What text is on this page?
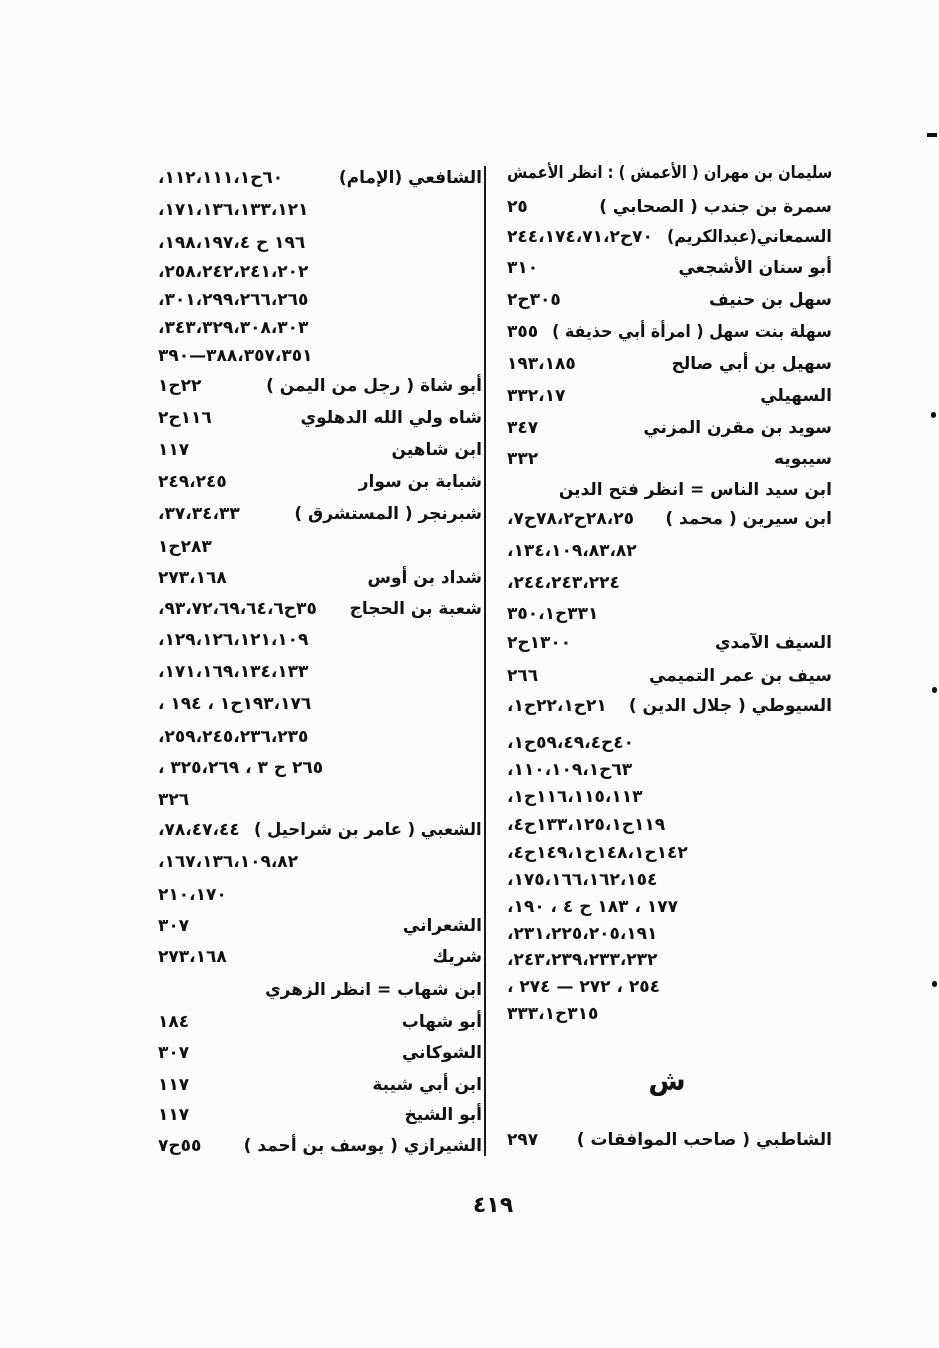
سليمان بن مهران ( الأعمش ) : انظر الأعمش
سمرة بن جندب ( الصحابي )
٢٥
السمعاني(عبدالكريم)
٧٠ح٢،٧١،١٧٤،٢٤٤
أبو سنان الأشجعي
٣١٠
سهل بن حنيف
٣٠٥ح٢
سهلة بنت سهل ( امرأة أبي حذيفة )
٣٥٥
سهيل بن أبي صالح
١٨٥،١٩٣
السهيلي
١٧،٣٣٢
سويد بن مقرن المزني
٣٤٧
سيبويه
٣٣٢
ابن سيد الناس = انظر فتح الدين
ابن سيرين ( محمد )
٢٥،٢٨ح٢،٧٨ح٧،
٨٢،٨٣،١٠٩،١٣٤،
٢٢٤،٢٤٣،٢٤٤،
٣٣١ح١،٣٥٠
السيف الآمدي
١٣٠٠ح٢
سيف بن عمر التميمي
٢٦٦
السيوطي ( جلال الدين )
٢١ح١،٢٢ح١،
٤٠ح٤،٤٩،٥٩ح١،
٦٣ح١،١٠٩،١١٠،
١١٣،١١٥،١١٦ح١،
١١٩ح١،١٢٥،١٣٣ح٤،
١٤٢ح١،١٤٨ح١،١٤٩ح٤،
١٥٤،١٦٢،١٦٦،١٧٥،
١٧٧ ، ١٨٣ ح ٤ ، ١٩٠،
١٩١،٢٠٥،٢٢٥،٢٣١،
٢٣٢،٢٣٣،٢٣٩،٢٤٣،
٢٥٤ ، ٢٧٢ — ٢٧٤ ،
٣١٥ح١،٣٣٣
الشاطبي ( صاحب الموافقات )
٢٩٧
الشافعي (الإمام)
٦٠ح١،١١١،١١٢،
١٢١،١٣٣،١٣٦،١٧١،
١٩٦ ح ٤،١٩٧،١٩٨،
٢٠٢،٢٤١،٢٤٢،٢٥٨،
٢٦٥،٢٦٦،٢٩٩،٣٠١،
٣٠٣،٣٠٨،٣٢٩،٣٤٣،
٣٥١،٣٥٧،٣٨٨—٣٩٠
أبو شاة ( رجل من اليمن )
٢٢ح١
شاه ولي الله الدهلوي
١١٦ح٢
ابن شاهين
١١٧
شبابة بن سوار
٢٤٥،٢٤٩
شبرنجر ( المستشرق )
٣٣،٣٤،٣٧،
٢٨٣ح١
شداد بن أوس
١٦٨،٢٧٣
شعبة بن الحجاج
٣٥ح٦،٦٤،٦٩،٧٢،٩٣،
١٠٩،١٢١،١٢٦،١٢٩،
١٣٣،١٣٤،١٦٩،١٧١،
١٧٦،١٩٣ح١ ، ١٩٤ ،
٢٣٥،٢٣٦،٢٤٥،٢٥٩،
٢٦٥ ح ٣ ، ٢٦٩،٣٢٥ ،
٣٢٦
الشعبي ( عامر بن شراحيل )
٤٤،٤٧،٧٨،
٨٢،١٠٩،١٣٦،١٦٧،
١٧٠،٢١٠
الشعراني
٣٠٧
شريك
١٦٨،٢٧٣
ابن شهاب = انظر الزهري
أبو شهاب
١٨٤
الشوكاني
٣٠٧
ابن أبي شيبة
١١٧
أبو الشيخ
١١٧
الشيرازي ( يوسف بن أحمد )
٥٥ح٧
ش
٤١٩
